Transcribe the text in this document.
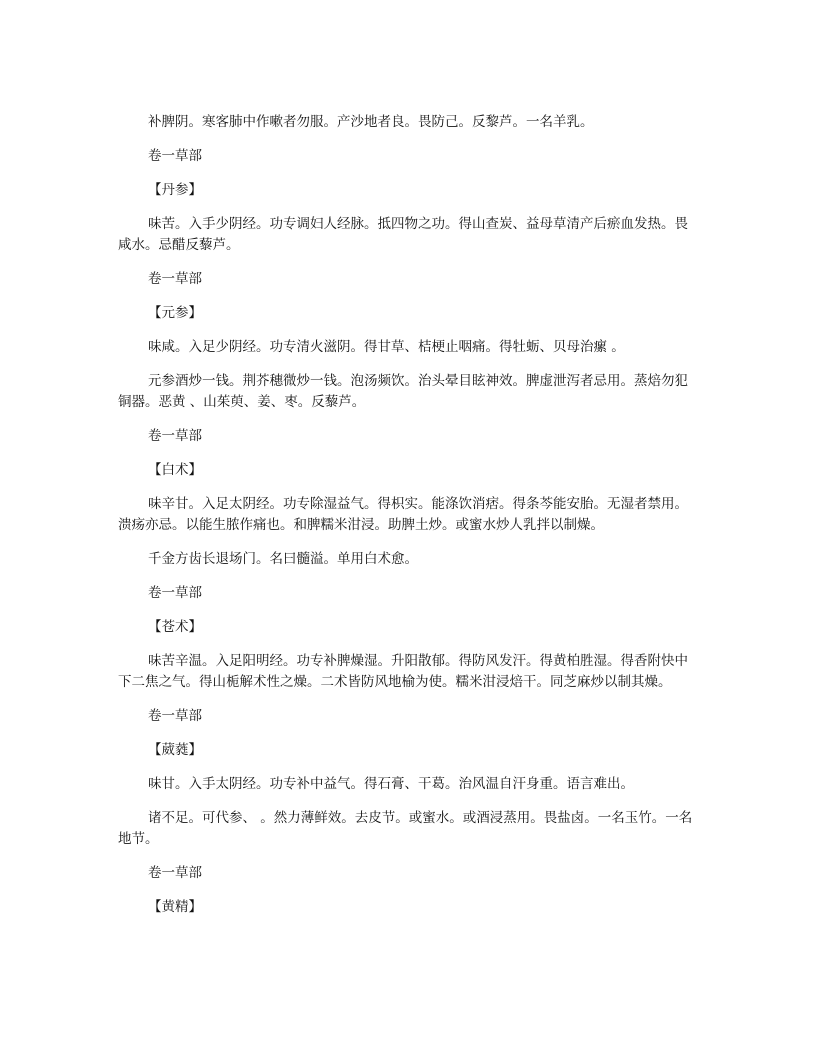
补脾阴。寒客肺中作嗽者勿服。产沙地者良。畏防己。反黎芦。一名羊乳。

卷一草部

【丹参】

味苦。入手少阴经。功专调妇人经脉。抵四物之功。得山查炭、益母草清产后瘀血发热。畏咸水。忌醋反藜芦。

卷一草部

【元参】

味咸。入足少阴经。功专清火滋阴。得甘草、桔梗止咽痛。得牡蛎、贝母治瘰 。

元参酒炒一钱。荆芥穗微炒一钱。泡汤频饮。治头晕目眩神效。脾虚泄泻者忌用。蒸焙勿犯铜器。恶黄 、山茱萸、姜、枣。反藜芦。

卷一草部

【白术】

味辛甘。入足太阴经。功专除湿益气。得枳实。能涤饮消痞。得条芩能安胎。无湿者禁用。溃疡亦忌。以能生脓作痛也。和脾糯米泔浸。助脾土炒。或蜜水炒人乳拌以制燥。

千金方齿长退场门。名曰髓溢。单用白术愈。

卷一草部

【苍术】

味苦辛温。入足阳明经。功专补脾燥湿。升阳散郁。得防风发汗。得黄柏胜湿。得香附快中下二焦之气。得山栀解术性之燥。二术皆防风地榆为使。糯米泔浸焙干。同芝麻炒以制其燥。

卷一草部

【葳蕤】

味甘。入手太阴经。功专补中益气。得石膏、干葛。治风温自汗身重。语言难出。

诸不足。可代参、 。然力薄鲜效。去皮节。或蜜水。或酒浸蒸用。畏盐卤。一名玉竹。一名地节。

卷一草部

【黄精】
